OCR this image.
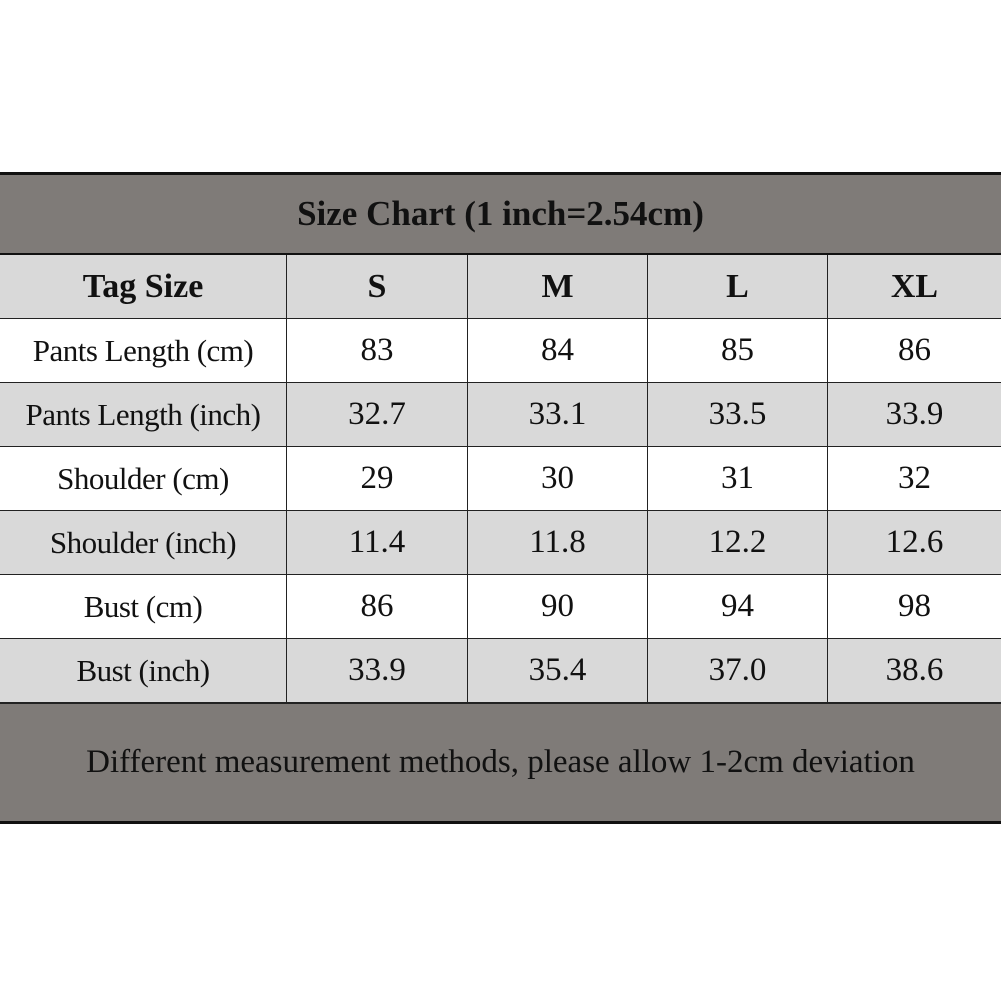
Size Chart (1 inch=2.54cm)
Tag Size	S	M	L	XL
Pants Length (cm)	83	84	85	86
Pants Length (inch)	32.7	33.1	33.5	33.9
Shoulder (cm)	29	30	31	32
Shoulder (inch)	11.4	11.8	12.2	12.6
Bust (cm)	86	90	94	98
Bust (inch)	33.9	35.4	37.0	38.6
Different measurement methods, please allow 1-2cm deviation
